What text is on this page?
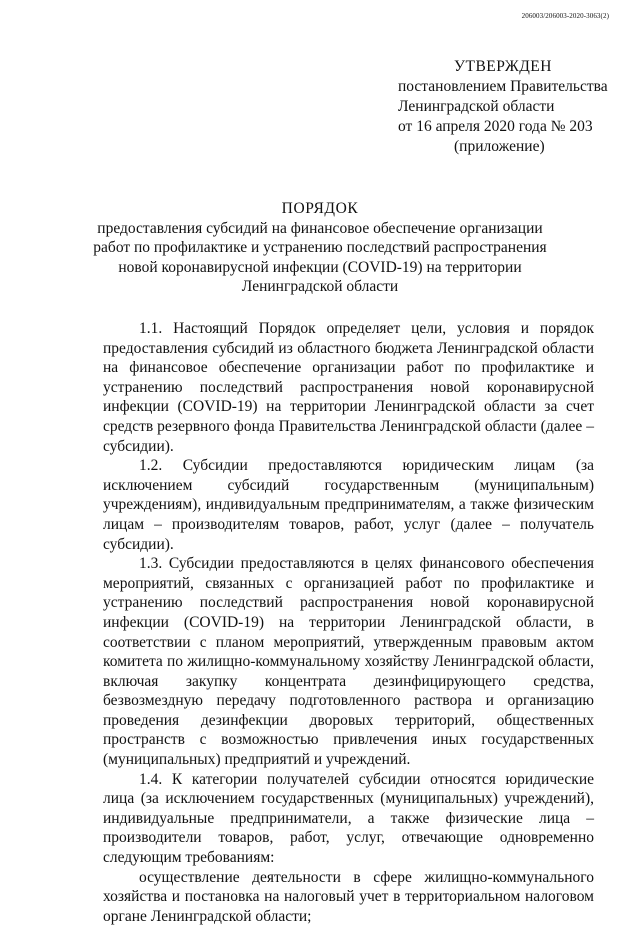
206003/206003-2020-3063(2)
УТВЕРЖДЕН
постановлением Правительства
Ленинградской области
от 16 апреля 2020 года № 203
(приложение)
ПОРЯДОК
предоставления субсидий на финансовое обеспечение организации
работ по профилактике и устранению последствий распространения
новой коронавирусной инфекции (COVID-19) на территории
Ленинградской области

1.1. Настоящий Порядок определяет цели, условия и порядок предоставления субсидий из областного бюджета Ленинградской области на финансовое обеспечение организации работ по профилактике и устранению последствий распространения новой коронавирусной инфекции (COVID-19) на территории Ленинградской области за счет средств резервного фонда Правительства Ленинградской области (далее – субсидии).

1.2. Субсидии предоставляются юридическим лицам (за исключением субсидий государственным (муниципальным) учреждениям), индивидуальным предпринимателям, а также физическим лицам – производителям товаров, работ, услуг (далее – получатель субсидии).

1.3. Субсидии предоставляются в целях финансового обеспечения мероприятий, связанных с организацией работ по профилактике и устранению последствий распространения новой коронавирусной инфекции (COVID-19) на территории Ленинградской области, в соответствии с планом мероприятий, утвержденным правовым актом комитета по жилищно-коммунальному хозяйству Ленинградской области, включая закупку концентрата дезинфицирующего средства, безвозмездную передачу подготовленного раствора и организацию проведения дезинфекции дворовых территорий, общественных пространств с возможностью привлечения иных государственных (муниципальных) предприятий и учреждений.

1.4. К категории получателей субсидии относятся юридические лица (за исключением государственных (муниципальных) учреждений), индивидуальные предприниматели, а также физические лица – производители товаров, работ, услуг, отвечающие одновременно следующим требованиям:

осуществление деятельности в сфере жилищно-коммунального хозяйства и постановка на налоговый учет в территориальном налоговом органе Ленинградской области;
